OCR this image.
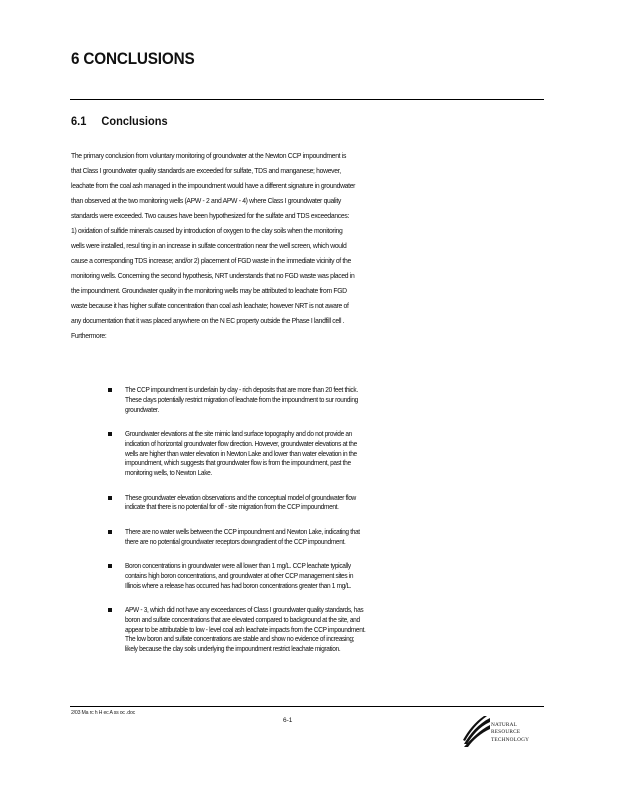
6 CONCLUSIONS
6.1 Conclusions
The primary conclusion from voluntary monitoring of groundwater at the Newton CCP impoundment is
that Class I groundwater quality standards are exceeded for sulfate, TDS and manganese; however,
leachate from the coal ash managed in the impoundment would have a different signature in groundwater
than observed at the two monitoring wells (APW - 2 and APW - 4) where Class I groundwater quality
standards were exceeded. Two causes have been hypothesized for the sulfate and TDS exceedances:
1) oxidation of sulfide minerals caused by introduction of oxygen to the clay soils when the monitoring
wells were installed, resul ting in an increase in sulfate concentration near the well screen, which would
cause a corresponding TDS increase; and/or 2) placement of FGD waste in the immediate vicinity of the
monitoring wells. Concerning the second hypothesis, NRT understands that no FGD waste was placed in
the impoundment. Groundwater quality in the monitoring wells may be attributed to leachate from FGD
waste because it has higher sulfate concentration than coal ash leachate; however NRT is not aware of
any documentation that it was placed anywhere on the N EC property outside the Phase I landfill cell .
Furthermore:
The CCP impoundment is underlain by clay - rich deposits that are more than 20 feet thick.
These clays potentially restrict migration of leachate from the impoundment to sur rounding
groundwater.
Groundwater elevations at the site mimic land surface topography and do not provide an
indication of horizontal groundwater flow direction. However, groundwater elevations at the
wells are higher than water elevation in Newton Lake and lower than water elevation in the
impoundment, which suggests that groundwater flow is from the impoundment, past the
monitoring wells, to Newton Lake.
These groundwater elevation observations and the conceptual model of groundwater flow
indicate that there is no potential for off - site migration from the CCP impoundment.
There are no water wells between the CCP impoundment and Newton Lake, indicating that
there are no potential groundwater receptors downgradient of the CCP impoundment.
Boron concentrations in groundwater were all lower than 1 mg/L. CCP leachate typically
contains high boron concentrations, and groundwater at other CCP management sites in
Illinois where a release has occurred has had boron concentrations greater than 1 mg/L.
APW - 3, which did not have any exceedances of Class I groundwater quality standards, has
boron and sulfate concentrations that are elevated compared to background at the site, and
appear to be attributable to low - level coal ash leachate impacts from the CCP impoundment.
The low boron and sulfate concentrations are stable and show no evidence of increasing;
likely because the clay soils underlying the impoundment restrict leachate migration.
2/03 Ma rc h H ec A ss oc .doc
6-1
NATURAL
RESOURCE
TECHNOLOGY
